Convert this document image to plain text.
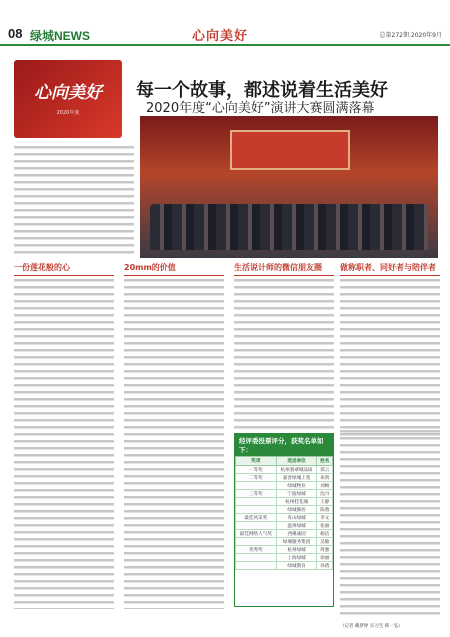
08 绿城NEWS	心向美好	总第272期 2020年9月
心向美好
2020年度
每一个故事，都述说着生活美好
2020年度“心向美好”演讲大赛圆满落幕
一份莲花般的心	20mm的价值	生活说计师的微信朋友圈	做称职者、同好者与陪伴者
经评委投票评分，获奖名单如下：
奖项	选送单位	姓名
一等奖	杭州翡翠城品质	郑云
二等奖	嘉善绿城上苑	朱明
	绿城物业	刘畅
三等奖	宁波绿城	沈丹
	杭州桂花城	王静
	绿城颐居	陈燕
最佳风采奖	舟山绿城	李文
	温州绿城	张丽
最佳网络人气奖	西溪诚园	杨洁
	绿城服务集团	吴敏
优秀奖	杭州绿城	周强
	上海绿城	徐丽
	绿城教育	孙倩
（记者 戴梦婷 实习生 韩一弘）
